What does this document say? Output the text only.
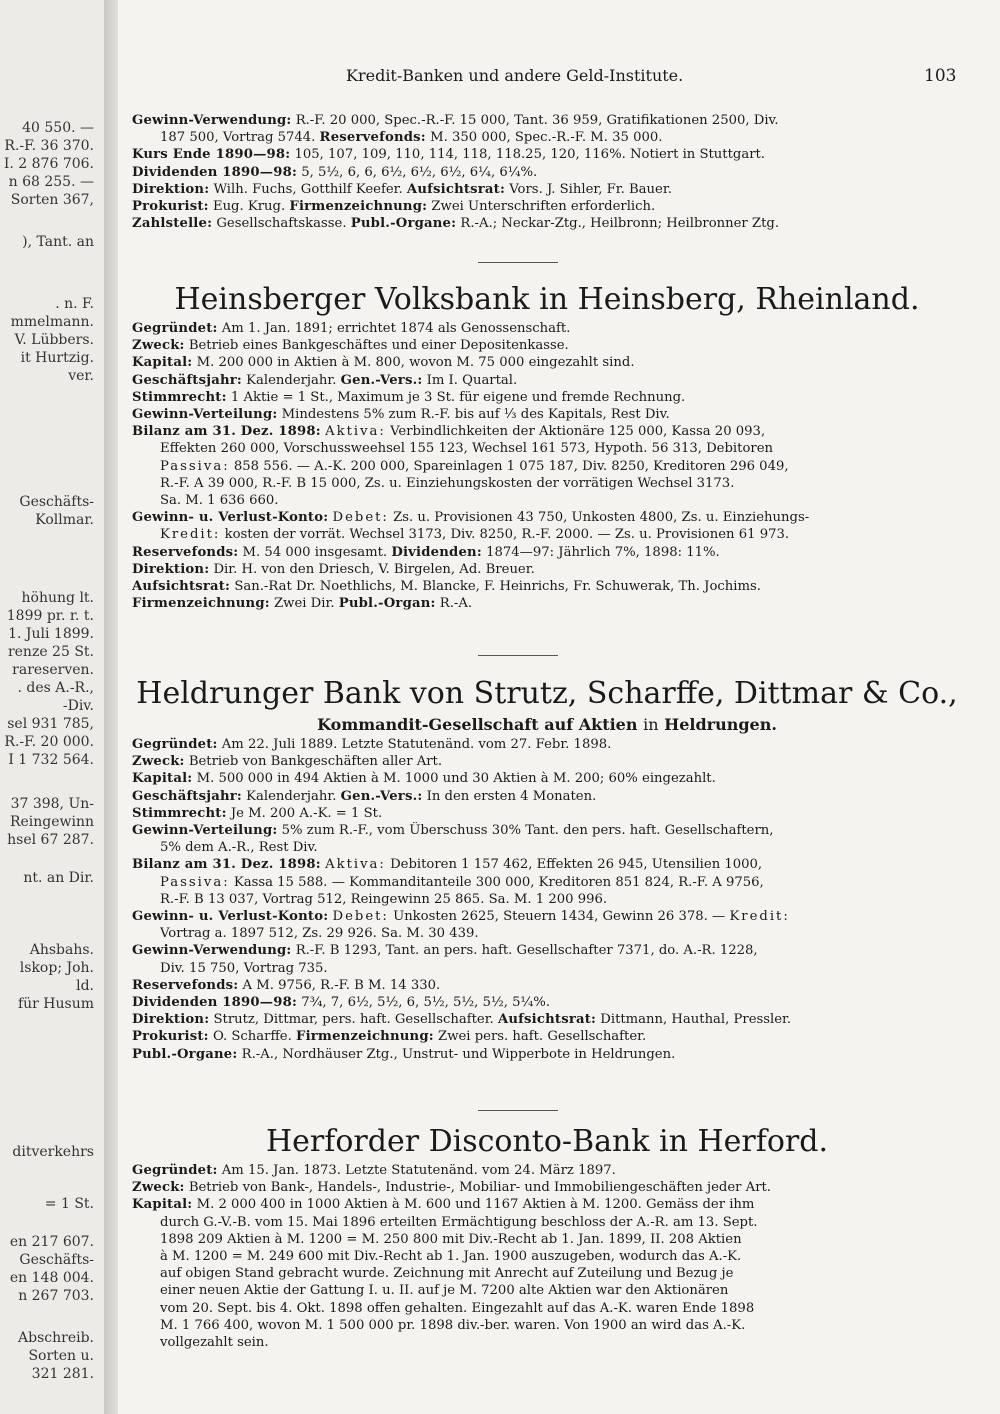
40 550. —
R.-F. 36 370.
I. 2 876 706.
n 68 255. —
Sorten 367,
), Tant. an
. n. F.
mmelmann.
V. Lübbers.
it Hurtzig.
ver.
Geschäfts-
Kollmar.
höhung lt.
1899 pr. r. t.
1. Juli 1899.
renze 25 St.
rareserven.
. des A.-R.,
-Div.
sel 931 785,
R.-F. 20 000.
I 1 732 564.
37 398, Un-
Reingewinn
hsel 67 287.
nt. an Dir.
Ahsbahs.
lskop; Joh.
ld.
für Husum
ditverkehrs
= 1 St.
en 217 607.
Geschäfts-
en 148 004.
n 267 703.
Abschreib.
Sorten u.
321 281.
Kredit-Banken und andere Geld-Institute.	103
Gewinn-Verwendung: R.-F. 20 000, Spec.-R.-F. 15 000, Tant. 36 959, Gratifikationen 2500, Div.
187 500, Vortrag 5744. Reservefonds: M. 350 000, Spec.-R.-F. M. 35 000.
Kurs Ende 1890—98: 105, 107, 109, 110, 114, 118, 118.25, 120, 116%. Notiert in Stuttgart.
Dividenden 1890—98: 5, 5½, 6, 6, 6½, 6½, 6½, 6¼, 6¼%.
Direktion: Wilh. Fuchs, Gotthilf Keefer. Aufsichtsrat: Vors. J. Sihler, Fr. Bauer.
Prokurist: Eug. Krug. Firmenzeichnung: Zwei Unterschriften erforderlich.
Zahlstelle: Gesellschaftskasse. Publ.-Organe: R.-A.; Neckar-Ztg., Heilbronn; Heilbronner Ztg.
Heinsberger Volksbank in Heinsberg, Rheinland.
Gegründet: Am 1. Jan. 1891; errichtet 1874 als Genossenschaft.
Zweck: Betrieb eines Bankgeschäftes und einer Depositenkasse.
Kapital: M. 200 000 in Aktien à M. 800, wovon M. 75 000 eingezahlt sind.
Geschäftsjahr: Kalenderjahr. Gen.-Vers.: Im I. Quartal.
Stimmrecht: 1 Aktie = 1 St., Maximum je 3 St. für eigene und fremde Rechnung.
Gewinn-Verteilung: Mindestens 5% zum R.-F. bis auf ⅓ des Kapitals, Rest Div.
Bilanz am 31. Dez. 1898: Aktiva: Verbindlichkeiten der Aktionäre 125 000, Kassa 20 093,
Effekten 260 000, Vorschussweehsel 155 123, Wechsel 161 573, Hypoth. 56 313, Debitoren
Passiva: 858 556. — A.-K. 200 000, Spareinlagen 1 075 187, Div. 8250, Kreditoren 296 049,
R.-F. A 39 000, R.-F. B 15 000, Zs. u. Einziehungskosten der vorrätigen Wechsel 3173.
Sa. M. 1 636 660.
Gewinn- u. Verlust-Konto: Debet: Zs. u. Provisionen 43 750, Unkosten 4800, Zs. u. Einziehungs-
Kredit: kosten der vorrät. Wechsel 3173, Div. 8250, R.-F. 2000. — Zs. u. Provisionen 61 973.
Reservefonds: M. 54 000 insgesamt. Dividenden: 1874—97: Jährlich 7%, 1898: 11%.
Direktion: Dir. H. von den Driesch, V. Birgelen, Ad. Breuer.
Aufsichtsrat: San.-Rat Dr. Noethlichs, M. Blancke, F. Heinrichs, Fr. Schuwerak, Th. Jochims.
Firmenzeichnung: Zwei Dir. Publ.-Organ: R.-A.
Heldrunger Bank von Strutz, Scharffe, Dittmar & Co.,
Kommandit-Gesellschaft auf Aktien in Heldrungen.
Gegründet: Am 22. Juli 1889. Letzte Statutenänd. vom 27. Febr. 1898.
Zweck: Betrieb von Bankgeschäften aller Art.
Kapital: M. 500 000 in 494 Aktien à M. 1000 und 30 Aktien à M. 200; 60% eingezahlt.
Geschäftsjahr: Kalenderjahr. Gen.-Vers.: In den ersten 4 Monaten.
Stimmrecht: Je M. 200 A.-K. = 1 St.
Gewinn-Verteilung: 5% zum R.-F., vom Überschuss 30% Tant. den pers. haft. Gesellschaftern,
5% dem A.-R., Rest Div.
Bilanz am 31. Dez. 1898: Aktiva: Debitoren 1 157 462, Effekten 26 945, Utensilien 1000,
Passiva: Kassa 15 588. — Kommanditanteile 300 000, Kreditoren 851 824, R.-F. A 9756,
R.-F. B 13 037, Vortrag 512, Reingewinn 25 865. Sa. M. 1 200 996.
Gewinn- u. Verlust-Konto: Debet: Unkosten 2625, Steuern 1434, Gewinn 26 378. — Kredit:
Vortrag a. 1897 512, Zs. 29 926. Sa. M. 30 439.
Gewinn-Verwendung: R.-F. B 1293, Tant. an pers. haft. Gesellschafter 7371, do. A.-R. 1228,
Div. 15 750, Vortrag 735.
Reservefonds: A M. 9756, R.-F. B M. 14 330.
Dividenden 1890—98: 7¾, 7, 6½, 5½, 6, 5½, 5½, 5½, 5¼%.
Direktion: Strutz, Dittmar, pers. haft. Gesellschafter. Aufsichtsrat: Dittmann, Hauthal, Pressler.
Prokurist: O. Scharffe. Firmenzeichnung: Zwei pers. haft. Gesellschafter.
Publ.-Organe: R.-A., Nordhäuser Ztg., Unstrut- und Wipperbote in Heldrungen.
Herforder Disconto-Bank in Herford.
Gegründet: Am 15. Jan. 1873. Letzte Statutenänd. vom 24. März 1897.
Zweck: Betrieb von Bank-, Handels-, Industrie-, Mobiliar- und Immobiliengeschäften jeder Art.
Kapital: M. 2 000 400 in 1000 Aktien à M. 600 und 1167 Aktien à M. 1200. Gemäss der ihm
durch G.-V.-B. vom 15. Mai 1896 erteilten Ermächtigung beschloss der A.-R. am 13. Sept.
1898 209 Aktien à M. 1200 = M. 250 800 mit Div.-Recht ab 1. Jan. 1899, II. 208 Aktien
à M. 1200 = M. 249 600 mit Div.-Recht ab 1. Jan. 1900 auszugeben, wodurch das A.-K.
auf obigen Stand gebracht wurde. Zeichnung mit Anrecht auf Zuteilung und Bezug je
einer neuen Aktie der Gattung I. u. II. auf je M. 7200 alte Aktien war den Aktionären
vom 20. Sept. bis 4. Okt. 1898 offen gehalten. Eingezahlt auf das A.-K. waren Ende 1898
M. 1 766 400, wovon M. 1 500 000 pr. 1898 div.-ber. waren. Von 1900 an wird das A.-K.
vollgezahlt sein.
